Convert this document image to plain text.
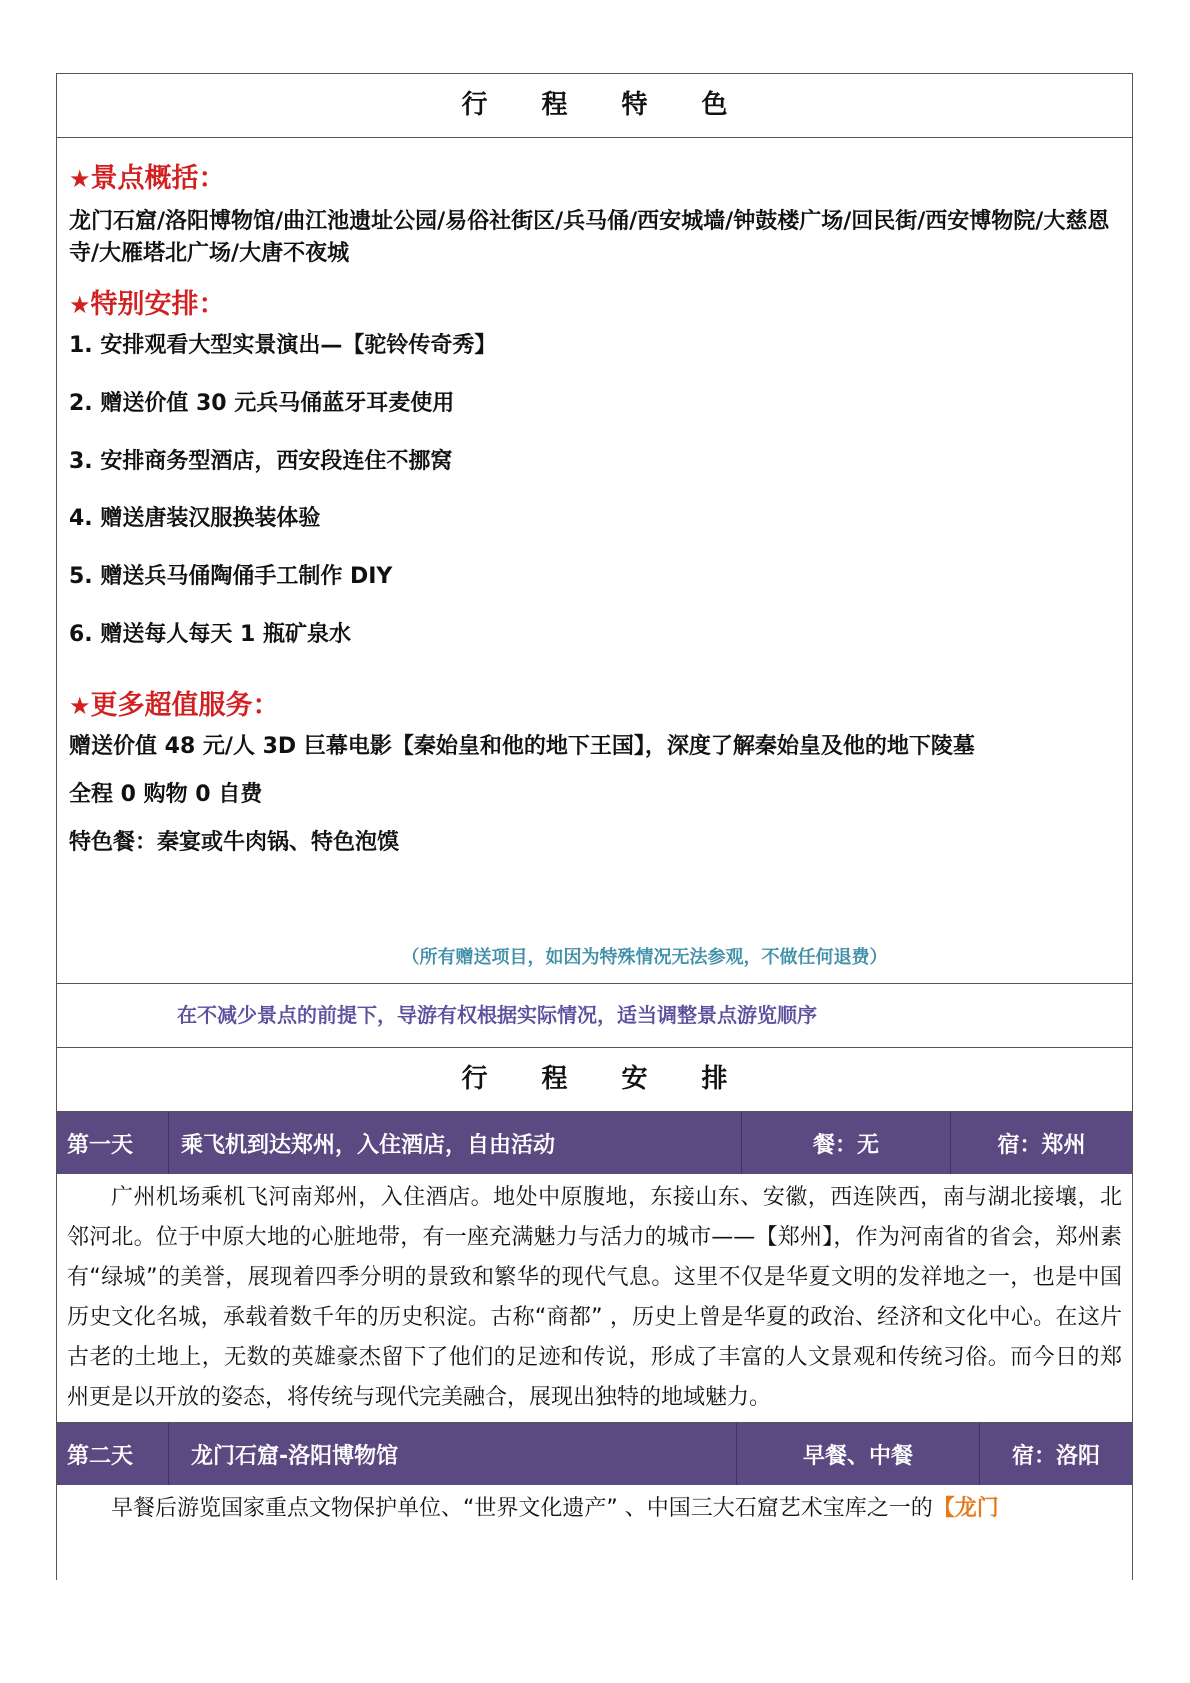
行程特色
★景点概括：
龙门石窟/洛阳博物馆/曲江池遗址公园/易俗社街区/兵马俑/西安城墙/钟鼓楼广场/回民街/西安博物院/大慈恩寺/大雁塔北广场/大唐不夜城
★特别安排：
1. 安排观看大型实景演出—【驼铃传奇秀】
2. 赠送价值 30 元兵马俑蓝牙耳麦使用
3. 安排商务型酒店，西安段连住不挪窝
4. 赠送唐装汉服换装体验
5. 赠送兵马俑陶俑手工制作 DIY
6. 赠送每人每天 1 瓶矿泉水
★更多超值服务：
赠送价值 48 元/人 3D 巨幕电影【秦始皇和他的地下王国】，深度了解秦始皇及他的地下陵墓
全程 0 购物 0 自费
特色餐：秦宴或牛肉锅、特色泡馍
（所有赠送项目，如因为特殊情况无法参观，不做任何退费）
在不减少景点的前提下，导游有权根据实际情况，适当调整景点游览顺序
行程安排
第一天	乘飞机到达郑州，入住酒店，自由活动	餐：无	宿：郑州
广州机场乘机飞河南郑州，入住酒店。地处中原腹地，东接山东、安徽，西连陕西，南与湖北接壤，北邻河北。位于中原大地的心脏地带，有一座充满魅力与活力的城市——【郑州】，作为河南省的省会，郑州素有“绿城”的美誉，展现着四季分明的景致和繁华的现代气息。这里不仅是华夏文明的发祥地之一，也是中国历史文化名城，承载着数千年的历史积淀。古称“商都” ，历史上曾是华夏的政治、经济和文化中心。在这片古老的土地上，无数的英雄豪杰留下了他们的足迹和传说，形成了丰富的人文景观和传统习俗。而今日的郑州更是以开放的姿态，将传统与现代完美融合，展现出独特的地域魅力。
第二天	龙门石窟-洛阳博物馆	早餐、中餐	宿：洛阳
早餐后游览国家重点文物保护单位、“世界文化遗产” 、中国三大石窟艺术宝库之一的【龙门
